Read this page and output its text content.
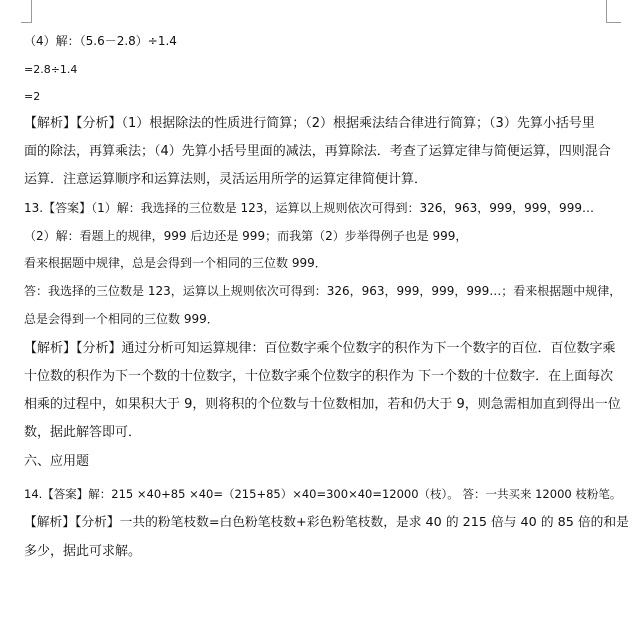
（4）解：（5.6－2.8）÷1.4
=2.8÷1.4
=2
【解析】【分析】（1）根据除法的性质进行简算；（2）根据乘法结合律进行简算；（3）先算小括号里
面的除法，再算乘法；（4）先算小括号里面的减法，再算除法．考查了运算定律与简便运算，四则混合
运算．注意运算顺序和运算法则，灵活运用所学的运算定律简便计算．
13.【答案】（1）解：我选择的三位数是 123，运算以上规则依次可得到：326，963，999，999，999…
（2）解：看题上的规律，999 后边还是 999；而我第（2）步举得例子也是 999，
看来根据题中规律，总是会得到一个相同的三位数 999．
答：我选择的三位数是 123，运算以上规则依次可得到：326，963，999，999，999…；看来根据题中规律，
总是会得到一个相同的三位数 999．
【解析】【分析】通过分析可知运算规律：百位数字乘个位数字的积作为下一个数字的百位．百位数字乘
十位数的积作为下一个数的十位数字，十位数字乘个位数字的积作为 下一个数的十位数字．在上面每次
相乘的过程中，如果积大于 9，则将积的个位数与十位数相加，若和仍大于 9，则急需相加直到得出一位
数，据此解答即可．
六、应用题
14.【答案】解：215 ×40+85 ×40=（215+85）×40=300×40=12000（枝）。 答：一共买来 12000 枝粉笔。
【解析】【分析】一共的粉笔枝数=白色粉笔枝数+彩色粉笔枝数，是求 40 的 215 倍与 40 的 85 倍的和是
多少，据此可求解。
